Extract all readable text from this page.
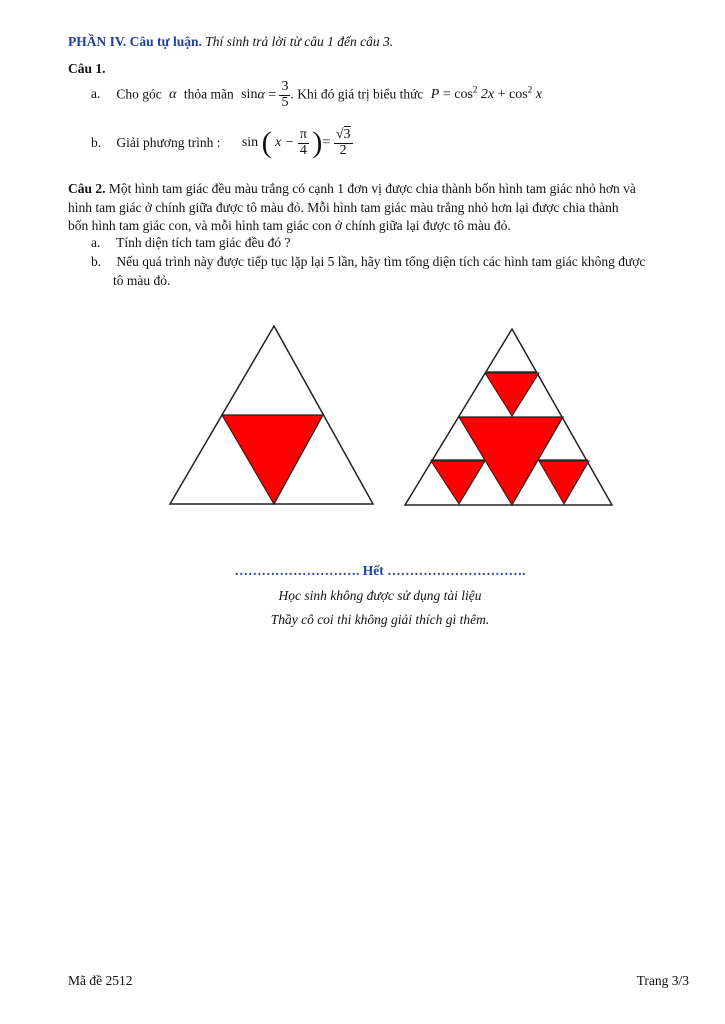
PHẦN IV. Câu tự luận. Thí sinh trả lời từ câu 1 đến câu 3.
Câu 1.
a. Cho góc α thỏa mãn $\sin\alpha = \frac{3}{5}$ . Khi đó giá trị biểu thức $P = \cos^2 2x + \cos^2 x$
b. Giải phương trình : sin ( $x - \frac{\pi}{4}$ )= $\frac{√3}{2}$
Câu 2. Một hình tam giác đều màu trắng có cạnh 1 đơn vị được chia thành bốn hình tam giác nhỏ hơn và
hình tam giác ở chính giữa được tô màu đỏ. Mỗi hình tam giác màu trắng nhỏ hơn lại được chia thành
bốn hình tam giác con, và mỗi hình tam giác con ở chính giữa lại được tô màu đỏ.
a. Tính diện tích tam giác đều đó ?
b. Nếu quá trình này được tiếp tục lặp lại 5 lần, hãy tìm tổng diện tích các hình tam giác không được
tô màu đỏ.
………………………. Hết ………………………….
Học sinh không được sử dụng tài liệu
Thầy cô coi thi không giải thích gì thêm.
Mã đề 2512	Trang 3/3
